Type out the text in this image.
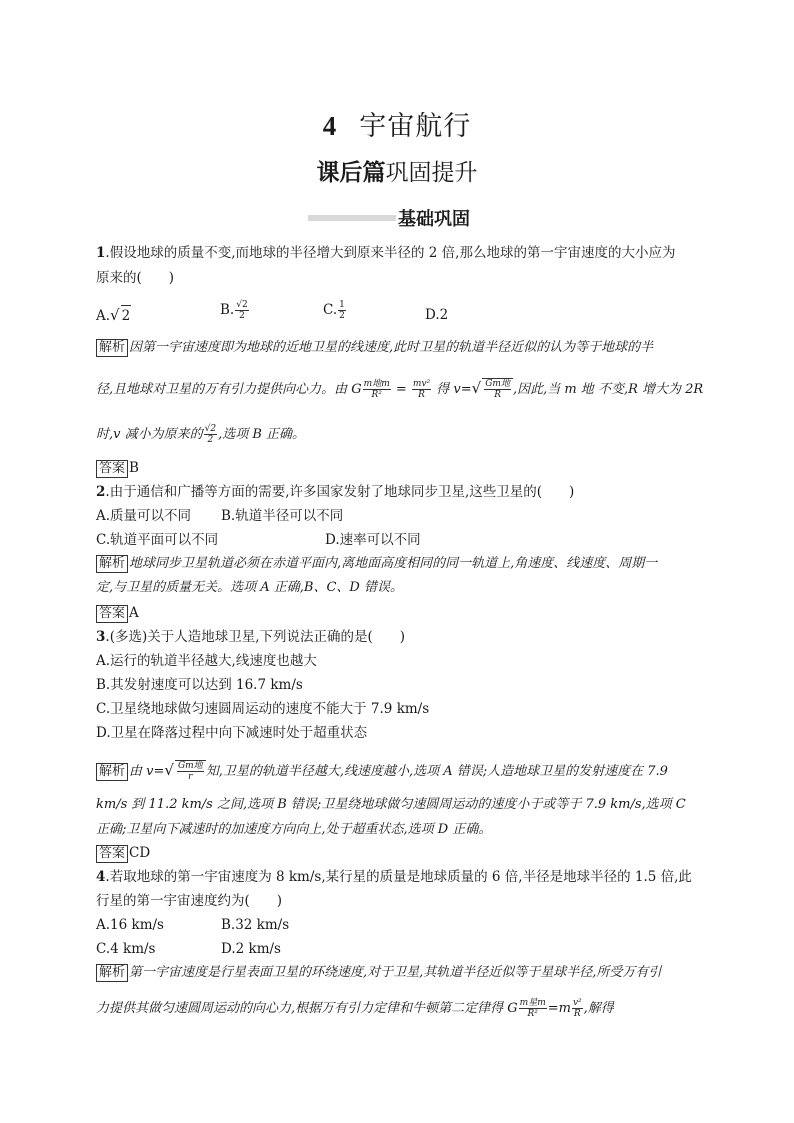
4 宇宙航行
课后篇巩固提升
基础巩固
1.假设地球的质量不变,而地球的半径增大到原来半径的 2 倍,那么地球的第一宇宙速度的大小应为
原来的(　　)
A.√ 2	B. $\frac{√2}{2}$	C. $\frac{1}{2}$	D.2
解析 因第一宇宙速度即为地球的近地卫星的线速度,此时卫星的轨道半径近似的认为等于地球的半
径,且地球对卫星的万有引力提供向心力。由 G $\frac{\text{m地m}}{\text{R²}} = \frac{\text{mv²}}{R}$ 得 $v=√ \frac{\text{Gm地}}{R}$ ,因此,当 m 地 不变,R 增大为 2R
时,v 减小为原来的 $\frac{√2}{2}$ ,选项 B 正确。
答案 B
2.由于通信和广播等方面的需要,许多国家发射了地球同步卫星,这些卫星的(　　)
A.质量可以不同 B.轨道半径可以不同
C.轨道平面可以不同	D.速率可以不同
解析 地球同步卫星轨道必须在赤道平面内,离地面高度相同的同一轨道上,角速度、线速度、周期一
定,与卫星的质量无关。选项 A 正确,B、C、D 错误。
答案 A
3.(多选)关于人造地球卫星,下列说法正确的是(　　)
A.运行的轨道半径越大,线速度也越大
B.其发射速度可以达到 16.7 km/s
C.卫星绕地球做匀速圆周运动的速度不能大于 7.9 km/s
D.卫星在降落过程中向下减速时处于超重状态
解析 由 $v=√ \frac{\text{Gm地}}{r}$ 知,卫星的轨道半径越大,线速度越小,选项 A 错误;人造地球卫星的发射速度在 7.9
km/s 到 11.2 km/s 之间,选项 B 错误;卫星绕地球做匀速圆周运动的速度小于或等于 7.9 km/s,选项 C
正确;卫星向下减速时的加速度方向向上,处于超重状态,选项 D 正确。
答案 CD
4.若取地球的第一宇宙速度为 8 km/s,某行星的质量是地球质量的 6 倍,半径是地球半径的 1.5 倍,此
行星的第一宇宙速度约为(　　)
A.16 km/s	B.32 km/s
C.4 km/s	D.2 km/s
解析 第一宇宙速度是行星表面卫星的环绕速度,对于卫星,其轨道半径近似等于星球半径,所受万有引
力提供其做匀速圆周运动的向心力,根据万有引力定律和牛顿第二定律得 G $\frac{\text{m星m}}{\text{R²}} =m \frac{\text{v²}}{R}$ ,解得
